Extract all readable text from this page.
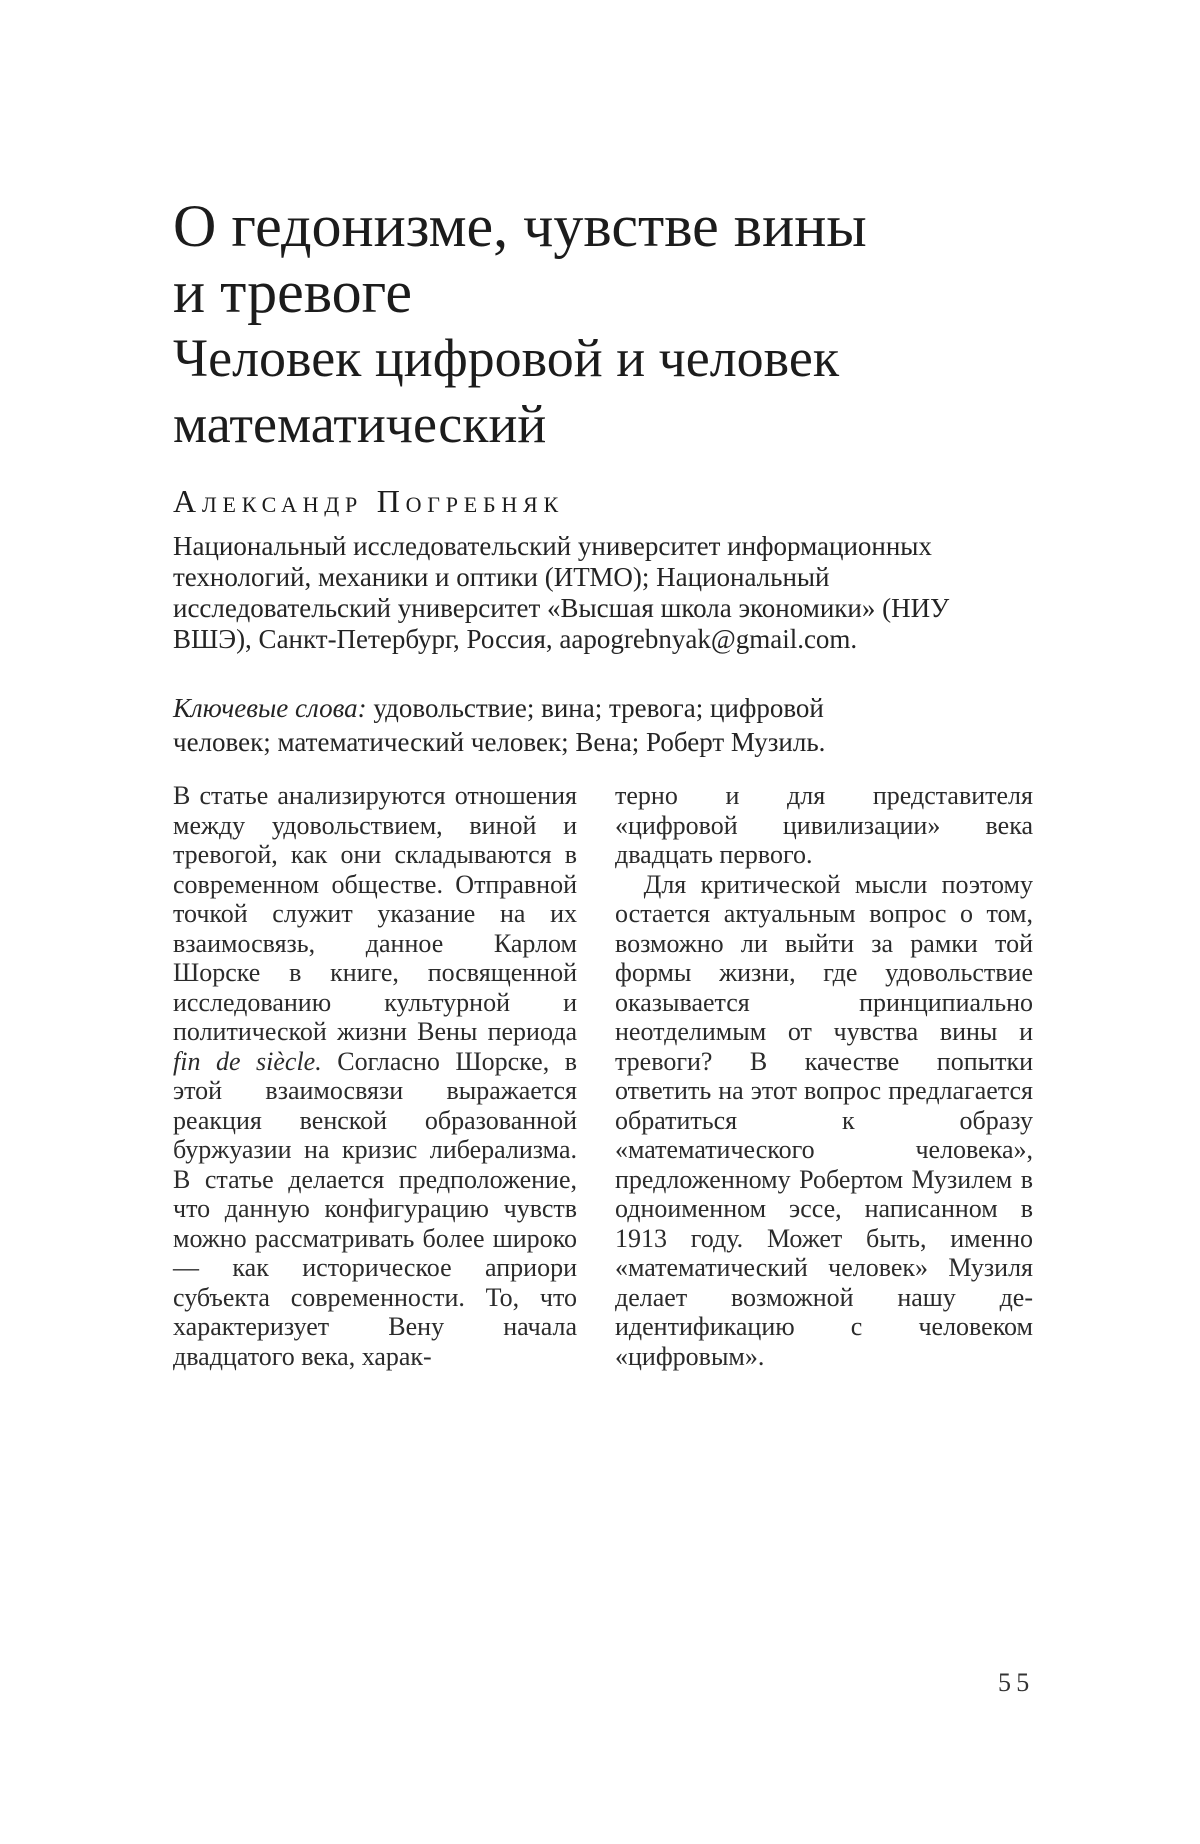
О гедонизме, чувстве вины
и тревоге
Человек цифровой и человек
математический
Александр Погребняк
Национальный исследовательский университет информационных технологий, механики и оптики (ИТМО); Национальный исследовательский университет «Высшая школа экономики» (НИУ ВШЭ), Санкт-Петербург, Россия, aapogrebnyak@gmail.com.
Ключевые слова: удовольствие; вина; тревога; цифровой человек; математический человек; Вена; Роберт Музиль.

В статье анализируются отношения между удовольствием, виной и тревогой, как они складываются в современном обществе. Отправной точкой служит указание на их взаимосвязь, данное Карлом Шорске в книге, посвященной исследованию культурной и политической жизни Вены периода fin de siècle. Согласно Шорске, в этой взаимосвязи выражается реакция венской образованной буржуазии на кризис либерализма. В статье делается предположение, что данную конфигурацию чувств можно рассматривать более широко — как историческое априори субъекта современности. То, что характеризует Вену начала двадцатого века, харак-

терно и для представителя «цифровой цивилизации» века двадцать первого.

Для критической мысли поэтому остается актуальным вопрос о том, возможно ли выйти за рамки той формы жизни, где удовольствие оказывается принципиально неотделимым от чувства вины и тревоги? В качестве попытки ответить на этот вопрос предлагается обратиться к образу «математического человека», предложенному Робертом Музилем в одноименном эссе, написанном в 1913 году. Может быть, именно «математический человек» Музиля делает возможной нашу де-идентификацию с человеком «цифровым».

55
